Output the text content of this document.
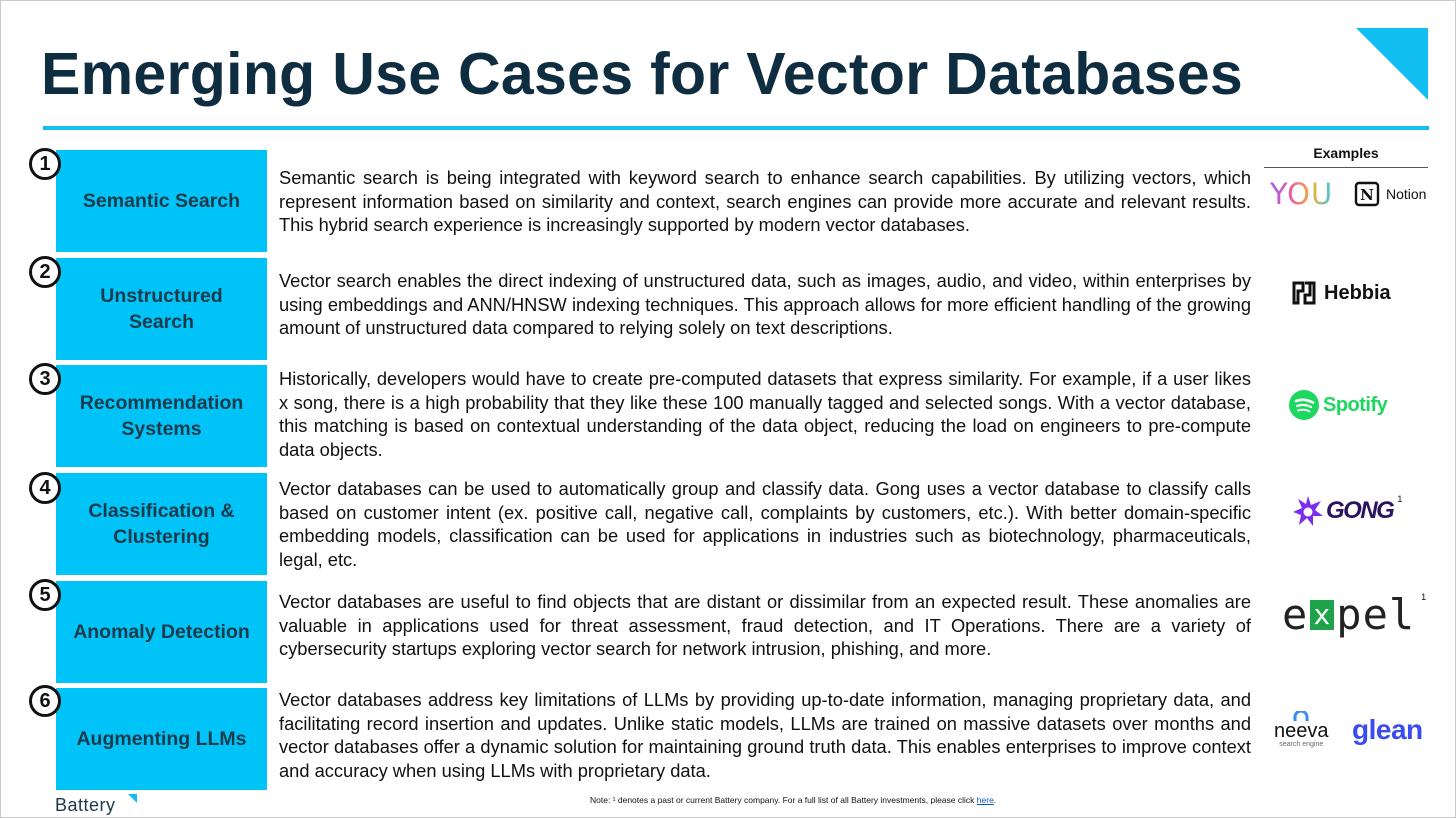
Emerging Use Cases for Vector Databases
Examples
1
Semantic Search

Semantic search is being integrated with keyword search to enhance search capabilities. By utilizing vectors, which represent information based on similarity and context, search engines can provide more accurate and relevant results. This hybrid search experience is increasingly supported by modern vector databases.

2
Unstructured Search

Vector search enables the direct indexing of unstructured data, such as images, audio, and video, within enterprises by using embeddings and ANN/HNSW indexing techniques. This approach allows for more efficient handling of the growing amount of unstructured data compared to relying solely on text descriptions.

3
Recommendation Systems

Historically, developers would have to create pre-computed datasets that express similarity. For example, if a user likes x song, there is a high probability that they like these 100 manually tagged and selected songs. With a vector database, this matching is based on contextual understanding of the data object, reducing the load on engineers to pre-compute data objects.

4
Classification & Clustering

Vector databases can be used to automatically group and classify data. Gong uses a vector database to classify calls based on customer intent (ex. positive call, negative call, complaints by customers, etc.). With better domain-specific embedding models, classification can be used for applications in industries such as biotechnology, pharmaceuticals, legal, etc.

5
Anomaly Detection

Vector databases are useful to find objects that are distant or dissimilar from an expected result. These anomalies are valuable in applications used for threat assessment, fraud detection, and IT Operations. There are a variety of cybersecurity startups exploring vector search for network intrusion, phishing, and more.

6
Augmenting LLMs

Vector databases address key limitations of LLMs by providing up-to-date information, managing proprietary data, and facilitating record insertion and updates. Unlike static models, LLMs are trained on massive datasets over months and vector databases offer a dynamic solution for maintaining ground truth data. This enables enterprises to improve context and accuracy when using LLMs with proprietary data.

YOU N Notion
Hebbia
Spotify
GONG $^1$
e x pel $^1$
neeva
search engine glean
Battery	Note: ¹ denotes a past or current Battery company. For a full list of all Battery investments, please click here.
